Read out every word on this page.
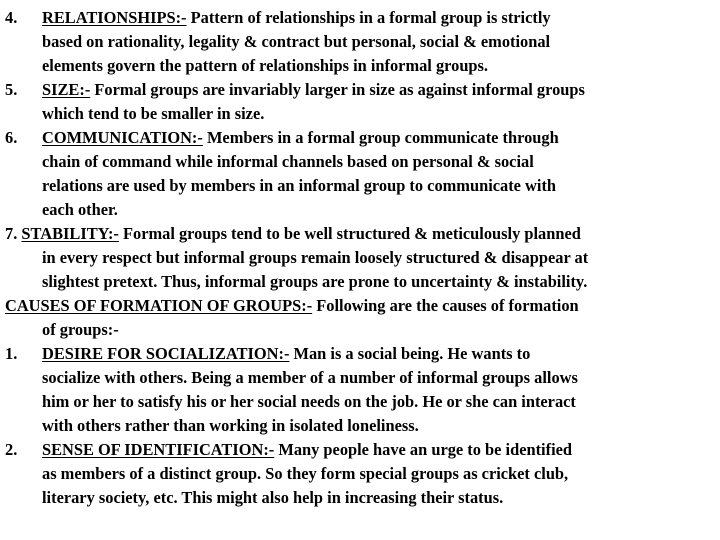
4. RELATIONSHIPS:- Pattern of relationships in a formal group is strictly
based on rationality, legality & contract but personal, social & emotional
elements govern the pattern of relationships in informal groups.
5. SIZE:- Formal groups are invariably larger in size as against informal groups
which tend to be smaller in size.
6. COMMUNICATION:- Members in a formal group communicate through
chain of command while informal channels based on personal & social
relations are used by members in an informal group to communicate with
each other.
7. STABILITY:- Formal groups tend to be well structured & meticulously planned
in every respect but informal groups remain loosely structured & disappear at
slightest pretext. Thus, informal groups are prone to uncertainty & instability.
CAUSES OF FORMATION OF GROUPS:- Following are the causes of formation
of groups:-
1. DESIRE FOR SOCIALIZATION:- Man is a social being. He wants to
socialize with others. Being a member of a number of informal groups allows
him or her to satisfy his or her social needs on the job. He or she can interact
with others rather than working in isolated loneliness.
2. SENSE OF IDENTIFICATION:- Many people have an urge to be identified
as members of a distinct group. So they form special groups as cricket club,
literary society, etc. This might also help in increasing their status.
